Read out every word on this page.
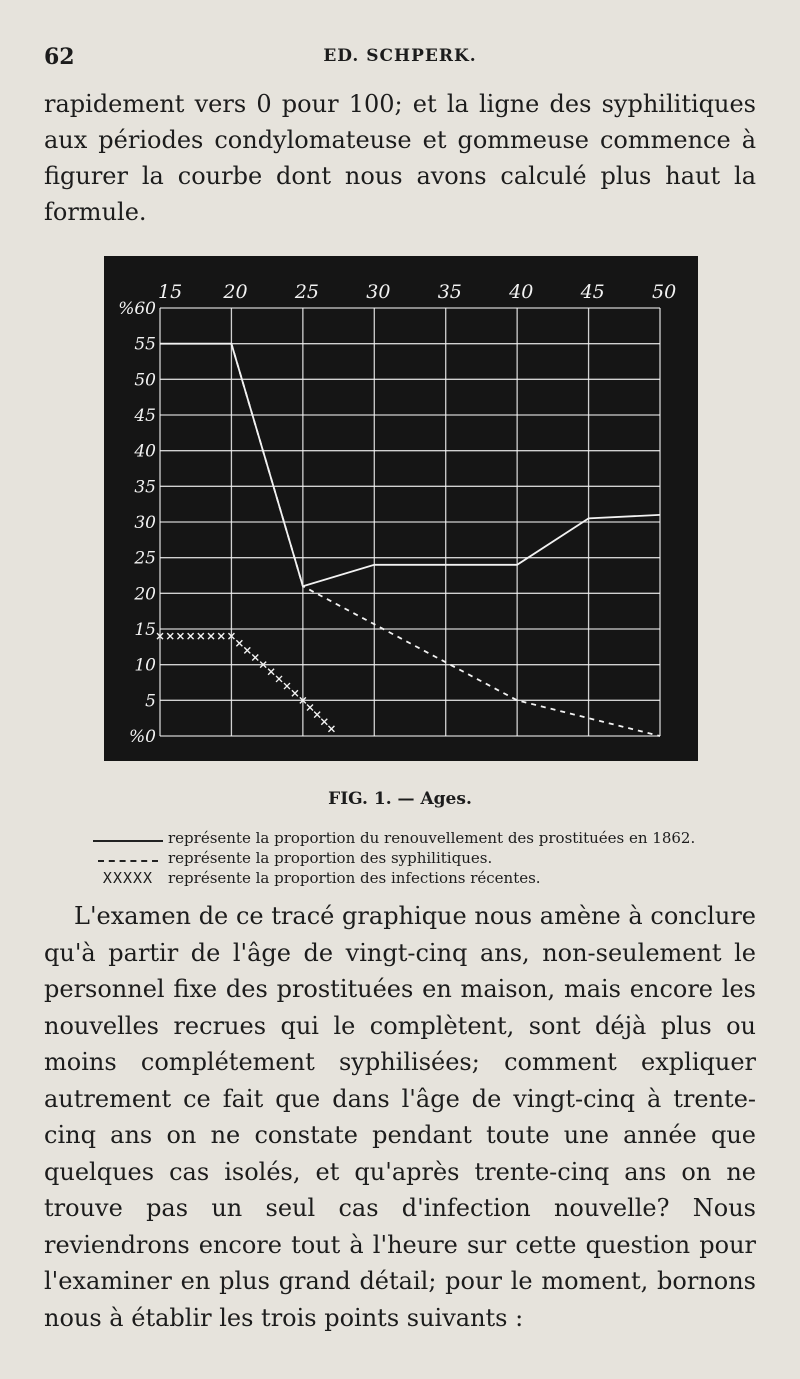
62	ED. SCHPERK.

rapidement vers 0 pour 100; et la ligne des syphilitiques aux périodes condylomateuse et gommeuse commence à figurer la courbe dont nous avons calculé plus haut la formule.

15 20 25 30 35 40 45 50
%0
5
10
15
20
25
30
35
40
45
50
55
%60
FIG. 1. — Ages.
représente la proportion du renouvellement des prostituées en 1862.
représente la proportion des syphilitiques.
XXXXX représente la proportion des infections récentes.

L'examen de ce tracé graphique nous amène à conclure qu'à partir de l'âge de vingt-cinq ans, non-seulement le personnel fixe des prostituées en maison, mais encore les nouvelles recrues qui le complètent, sont déjà plus ou moins complétement syphilisées; comment expliquer autrement ce fait que dans l'âge de vingt-cinq à trente-cinq ans on ne constate pendant toute une année que quelques cas isolés, et qu'après trente-cinq ans on ne trouve pas un seul cas d'infection nouvelle? Nous reviendrons encore tout à l'heure sur cette question pour l'examiner en plus grand détail; pour le moment, bornons nous à établir les trois points suivants :
